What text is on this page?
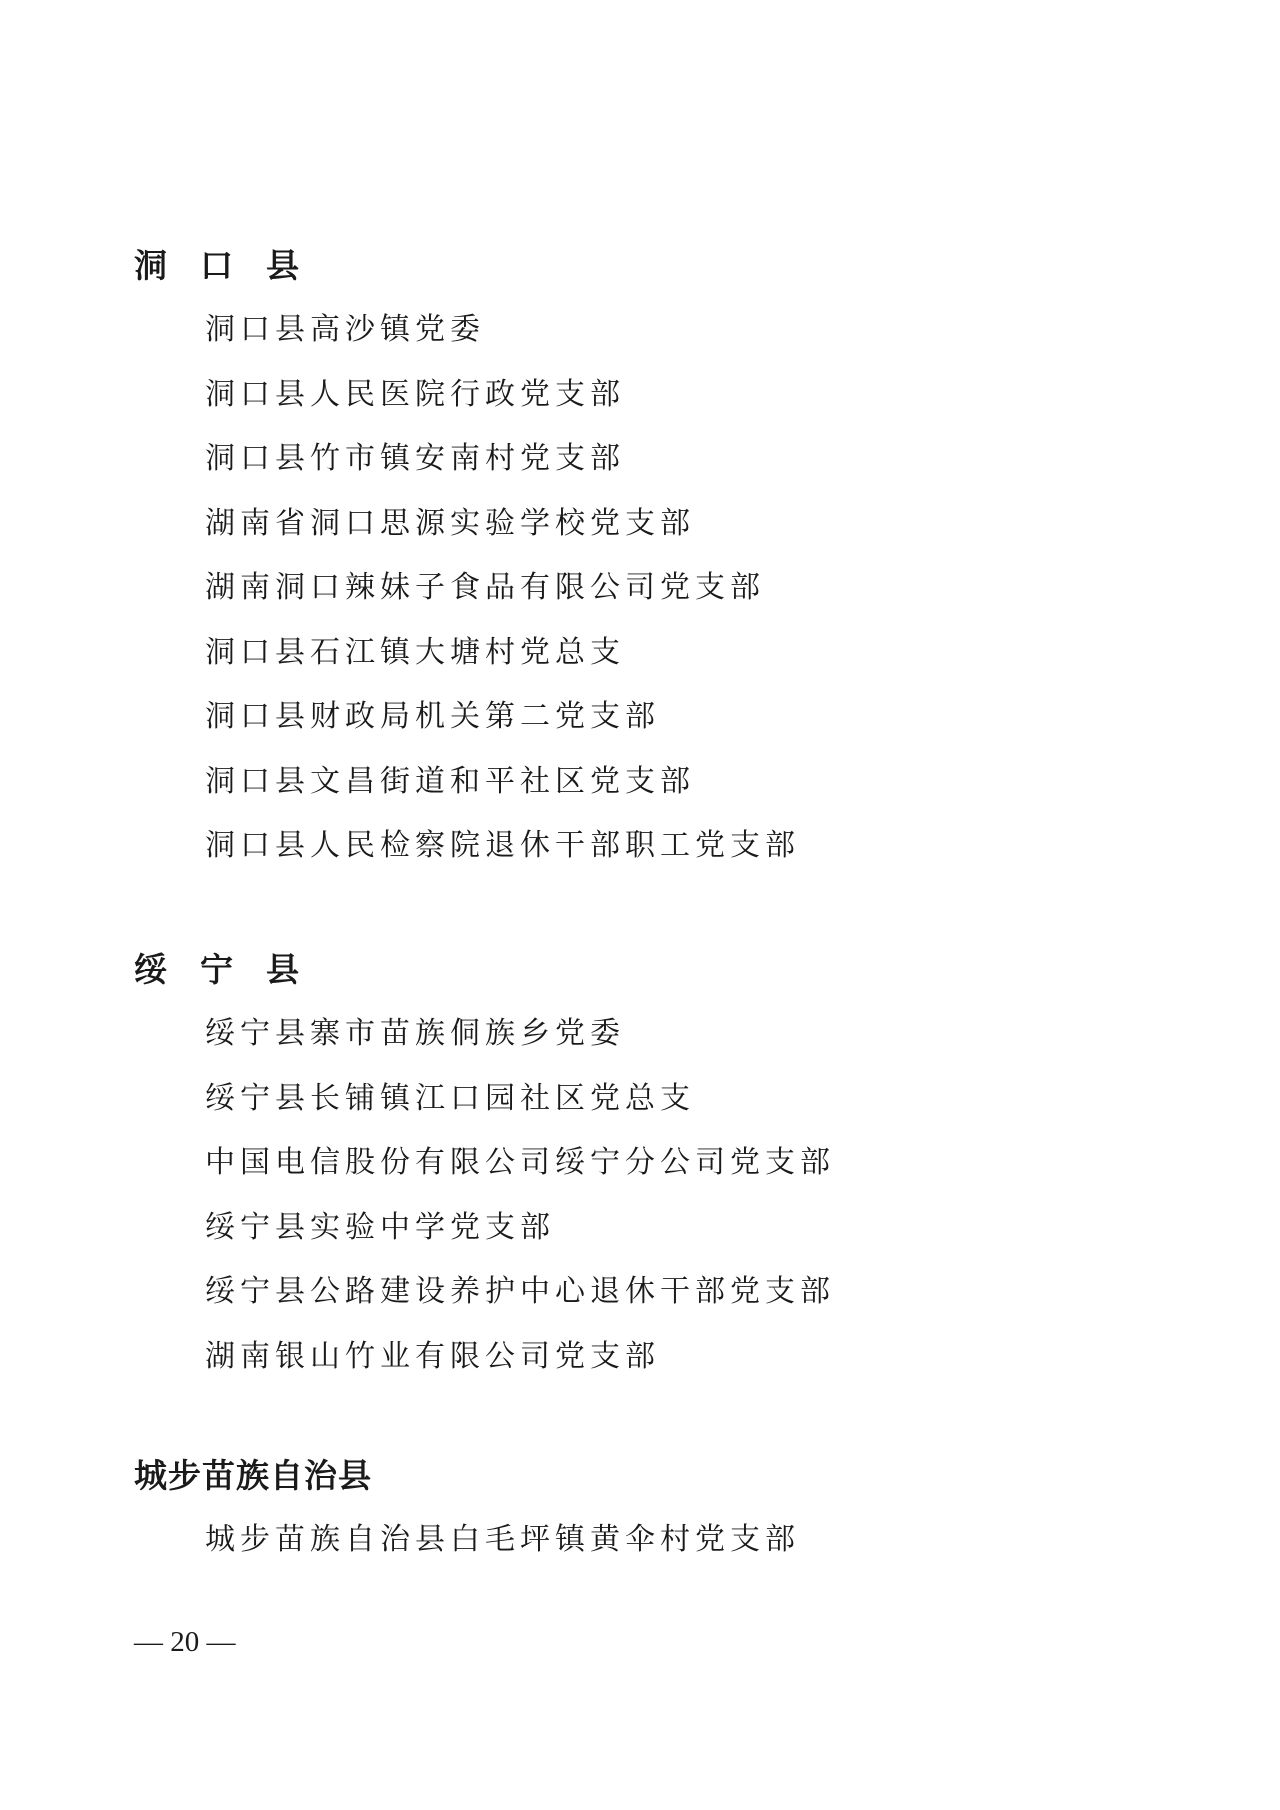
洞　口　县
洞口县高沙镇党委
洞口县人民医院行政党支部
洞口县竹市镇安南村党支部
湖南省洞口思源实验学校党支部
湖南洞口辣妹子食品有限公司党支部
洞口县石江镇大塘村党总支
洞口县财政局机关第二党支部
洞口县文昌街道和平社区党支部
洞口县人民检察院退休干部职工党支部
绥　宁　县
绥宁县寨市苗族侗族乡党委
绥宁县长铺镇江口园社区党总支
中国电信股份有限公司绥宁分公司党支部
绥宁县实验中学党支部
绥宁县公路建设养护中心退休干部党支部
湖南银山竹业有限公司党支部
城步苗族自治县
城步苗族自治县白毛坪镇黄伞村党支部
— 20 —
